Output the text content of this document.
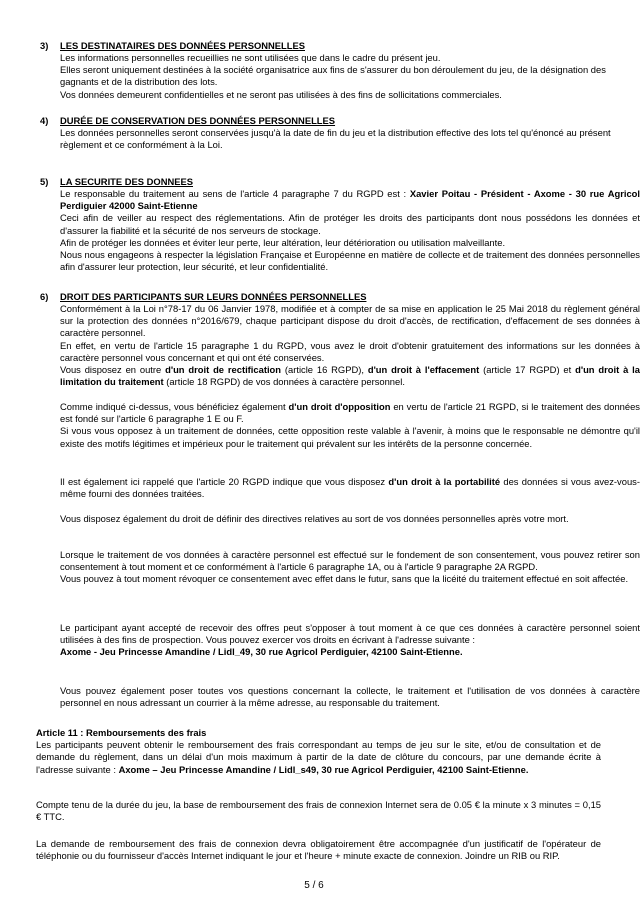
3) LES DESTINATAIRES DES DONNÉES PERSONNELLES

Les informations personnelles recueillies ne sont utilisées que dans le cadre du présent jeu.

Elles seront uniquement destinées à la société organisatrice aux fins de s'assurer du bon déroulement du jeu, de la désignation des gagnants et de la distribution des lots.

Vos données demeurent confidentielles et ne seront pas utilisées à des fins de sollicitations commerciales.

4) DURÉE DE CONSERVATION DES DONNÉES PERSONNELLES

Les données personnelles seront conservées jusqu'à la date de fin du jeu et la distribution effective des lots tel qu'énoncé au présent règlement et ce conformément à la Loi.

5) LA SECURITE DES DONNEES

Le responsable du traitement au sens de l'article 4 paragraphe 7 du RGPD est : Xavier Poitau - Président - Axome - 30 rue Agricol Perdiguier 42000 Saint-Etienne

Ceci afin de veiller au respect des réglementations. Afin de protéger les droits des participants dont nous possédons les données et d'assurer la fiabilité et la sécurité de nos serveurs de stockage.

Afin de protéger les données et éviter leur perte, leur altération, leur détérioration ou utilisation malveillante.

Nous nous engageons à respecter la législation Française et Européenne en matière de collecte et de traitement des données personnelles afin d'assurer leur protection, leur sécurité, et leur confidentialité.

6) DROIT DES PARTICIPANTS SUR LEURS DONNÉES PERSONNELLES

Conformément à la Loi n°78-17 du 06 Janvier 1978, modifiée et à compter de sa mise en application le 25 Mai 2018 du règlement général sur la protection des données n°2016/679, chaque participant dispose du droit d'accès, de rectification, d'effacement de ses données à caractère personnel.

En effet, en vertu de l'article 15 paragraphe 1 du RGPD, vous avez le droit d'obtenir gratuitement des informations sur les données à caractère personnel vous concernant et qui ont été conservées.

Vous disposez en outre d'un droit de rectification (article 16 RGPD), d'un droit à l'effacement (article 17 RGPD) et d'un droit à la limitation du traitement (article 18 RGPD) de vos données à caractère personnel.

Comme indiqué ci-dessus, vous bénéficiez également d'un droit d'opposition en vertu de l'article 21 RGPD, si le traitement des données est fondé sur l'article 6 paragraphe 1 E ou F.

Si vous vous opposez à un traitement de données, cette opposition reste valable à l'avenir, à moins que le responsable ne démontre qu'il existe des motifs légitimes et impérieux pour le traitement qui prévalent sur les intérêts de la personne concernée.

Il est également ici rappelé que l'article 20 RGPD indique que vous disposez d'un droit à la portabilité des données si vous avez-vous-même fourni des données traitées.

Vous disposez également du droit de définir des directives relatives au sort de vos données personnelles après votre mort.

Lorsque le traitement de vos données à caractère personnel est effectué sur le fondement de son consentement, vous pouvez retirer son consentement à tout moment et ce conformément à l'article 6 paragraphe 1A, ou à l'article 9 paragraphe 2A RGPD.

Vous pouvez à tout moment révoquer ce consentement avec effet dans le futur, sans que la licéité du traitement effectué en soit affectée.

Le participant ayant accepté de recevoir des offres peut s'opposer à tout moment à ce que ces données à caractère personnel soient utilisées à des fins de prospection. Vous pouvez exercer vos droits en écrivant à l'adresse suivante :

Axome - Jeu Princesse Amandine / Lidl_49, 30 rue Agricol Perdiguier, 42100 Saint-Etienne.

Vous pouvez également poser toutes vos questions concernant la collecte, le traitement et l'utilisation de vos données à caractère personnel en nous adressant un courrier à la même adresse, au responsable du traitement.

Article 11 : Remboursements des frais

Les participants peuvent obtenir le remboursement des frais correspondant au temps de jeu sur le site, et/ou de consultation et de demande du règlement, dans un délai d'un mois maximum à partir de la date de clôture du concours, par une demande écrite à l'adresse suivante : Axome – Jeu Princesse Amandine / Lidl_s49, 30 rue Agricol Perdiguier, 42100 Saint-Etienne.

Compte tenu de la durée du jeu, la base de remboursement des frais de connexion Internet sera de 0.05 € la minute x 3 minutes = 0,15 € TTC.

La demande de remboursement des frais de connexion devra obligatoirement être accompagnée d'un justificatif de l'opérateur de téléphonie ou du fournisseur d'accès Internet indiquant le jour et l'heure + minute exacte de connexion. Joindre un RIB ou RIP.

5 / 6
